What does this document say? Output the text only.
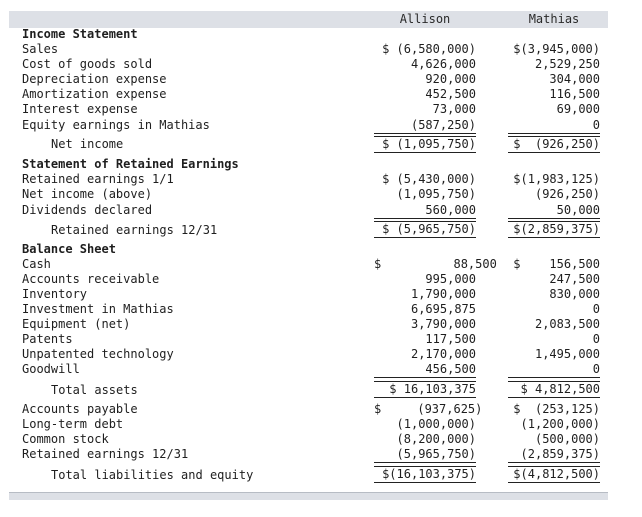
Allison	Mathias
Income Statement
Sales	$ (6,580,000)	$(3,945,000)
Cost of goods sold	4,626,000	2,529,250
Depreciation expense	920,000	304,000
Amortization expense	452,500	116,500
Interest expense	73,000	69,000
Equity earnings in Mathias	(587,250)	0
Net income	$ (1,095,750)	$  (926,250)
Statement of Retained Earnings
Retained earnings 1/1	$ (5,430,000)	$(1,983,125)
Net income (above)	(1,095,750)	(926,250)
Dividends declared	560,000	50,000
Retained earnings 12/31	$ (5,965,750)	$(2,859,375)
Balance Sheet
Cash	$          88,500	$    156,500
Accounts receivable	995,000	247,500
Inventory	1,790,000	830,000
Investment in Mathias	6,695,875	0
Equipment (net)	3,790,000	2,083,500
Patents	117,500	0
Unpatented technology	2,170,000	1,495,000
Goodwill	456,500	0
Total assets	$ 16,103,375	$ 4,812,500
Accounts payable	$     (937,625)	$  (253,125)
Long-term debt	(1,000,000)	(1,200,000)
Common stock	(8,200,000)	(500,000)
Retained earnings 12/31	(5,965,750)	(2,859,375)
Total liabilities and equity	$(16,103,375)	$(4,812,500)
